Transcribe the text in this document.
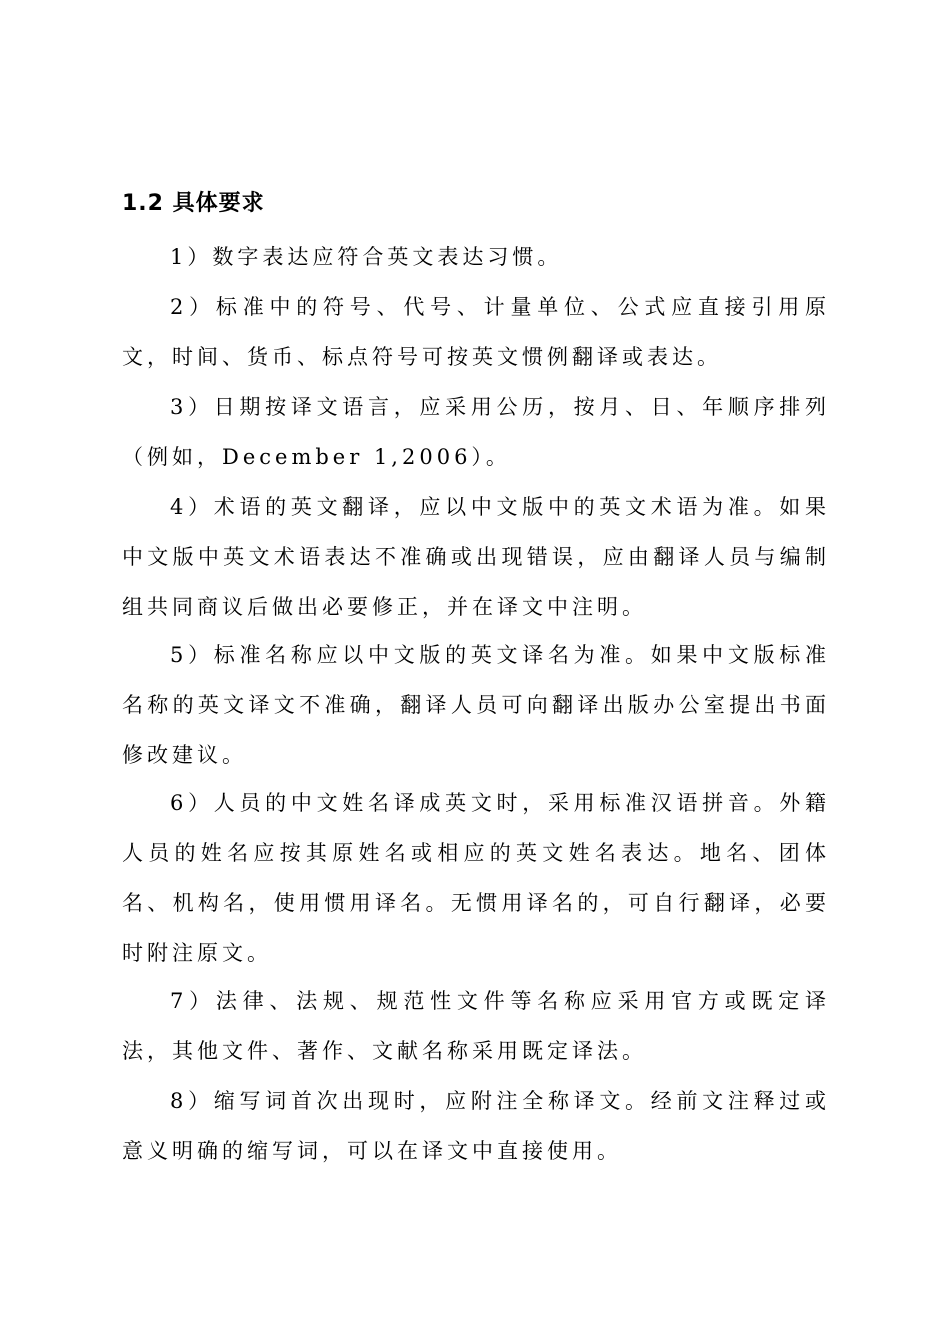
1.2 具体要求
1）数字表达应符合英文表达习惯。
2）标准中的符号、代号、计量单位、公式应直接引用原文，时间、货币、标点符号可按英文惯例翻译或表达。
3）日期按译文语言，应采用公历，按月、日、年顺序排列（例如，December 1,2006）。
4）术语的英文翻译，应以中文版中的英文术语为准。如果中文版中英文术语表达不准确或出现错误，应由翻译人员与编制组共同商议后做出必要修正，并在译文中注明。
5）标准名称应以中文版的英文译名为准。如果中文版标准名称的英文译文不准确，翻译人员可向翻译出版办公室提出书面修改建议。
6）人员的中文姓名译成英文时，采用标准汉语拼音。外籍人员的姓名应按其原姓名或相应的英文姓名表达。地名、团体名、机构名，使用惯用译名。无惯用译名的，可自行翻译，必要时附注原文。
7）法律、法规、规范性文件等名称应采用官方或既定译法，其他文件、著作、文献名称采用既定译法。
8）缩写词首次出现时，应附注全称译文。经前文注释过或意义明确的缩写词，可以在译文中直接使用。
